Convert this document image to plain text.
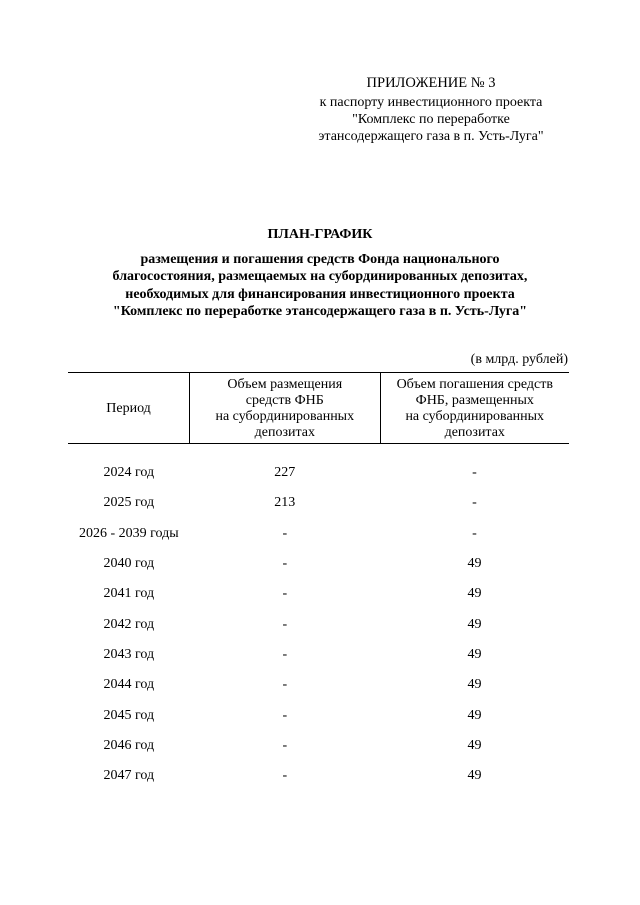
ПРИЛОЖЕНИЕ № 3
к паспорту инвестиционного проекта
"Комплекс по переработке
этансодержащего газа в п. Усть-Луга"
ПЛАН-ГРАФИК
размещения и погашения средств Фонда национального
благосостояния, размещаемых на субординированных депозитах,
необходимых для финансирования инвестиционного проекта
"Комплекс по переработке этансодержащего газа в п. Усть-Луга"
(в млрд. рублей)
Период	Объем размещения
средств ФНБ
на субординированных
депозитах	Объем погашения средств
ФНБ, размещенных
на субординированных
депозитах

2024 год	227	-
2025 год	213	-
2026 - 2039 годы	-	-
2040 год	-	49
2041 год	-	49
2042 год	-	49
2043 год	-	49
2044 год	-	49
2045 год	-	49
2046 год	-	49
2047 год	-	49
